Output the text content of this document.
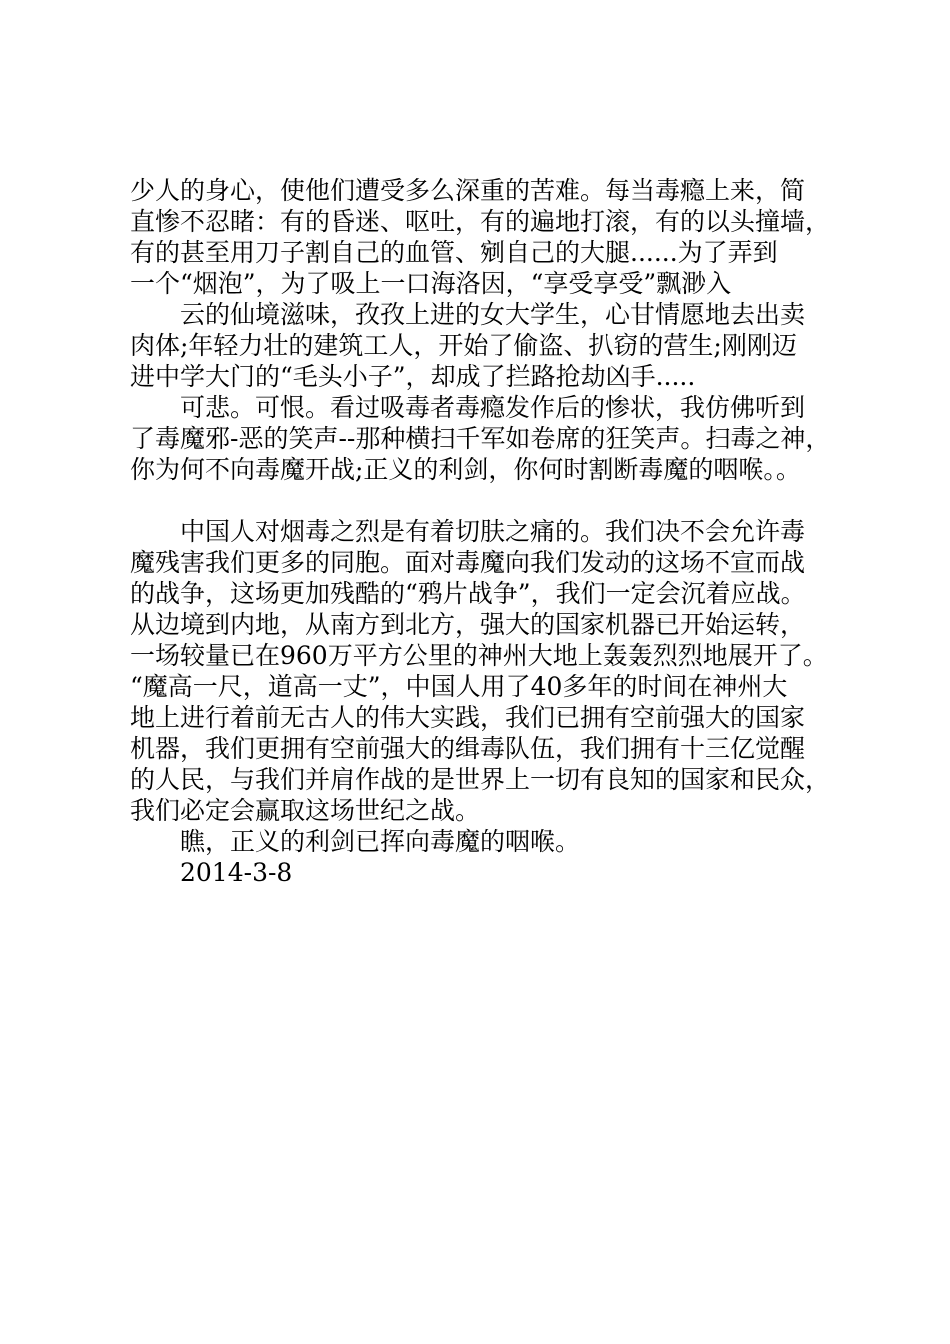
少人的身心，使他们遭受多么深重的苦难。每当毒瘾上来，简
直惨不忍睹：有的昏迷、呕吐，有的遍地打滚，有的以头撞墙，
有的甚至用刀子割自己的血管、剜自己的大腿......为了弄到
一个“烟泡”，为了吸上一口海洛因，“享受享受”飘渺入
云的仙境滋味，孜孜上进的女大学生，心甘情愿地去出卖
肉体;年轻力壮的建筑工人，开始了偷盗、扒窃的营生;刚刚迈
进中学大门的“毛头小子”，却成了拦路抢劫凶手.....
可悲。可恨。看过吸毒者毒瘾发作后的惨状，我仿佛听到
了毒魔邪-恶的笑声--那种横扫千军如卷席的狂笑声。扫毒之神，
你为何不向毒魔开战;正义的利剑，你何时割断毒魔的咽喉。。
中国人对烟毒之烈是有着切肤之痛的。我们决不会允许毒
魔残害我们更多的同胞。面对毒魔向我们发动的这场不宣而战
的战争，这场更加残酷的“鸦片战争”，我们一定会沉着应战。
从边境到内地，从南方到北方，强大的国家机器已开始运转，
一场较量已在960万平方公里的神州大地上轰轰烈烈地展开了。
“魔高一尺，道高一丈”，中国人用了40多年的时间在神州大
地上进行着前无古人的伟大实践，我们已拥有空前强大的国家
机器，我们更拥有空前强大的缉毒队伍，我们拥有十三亿觉醒
的人民，与我们并肩作战的是世界上一切有良知的国家和民众，
我们必定会赢取这场世纪之战。
瞧，正义的利剑已挥向毒魔的咽喉。
2014-3-8
